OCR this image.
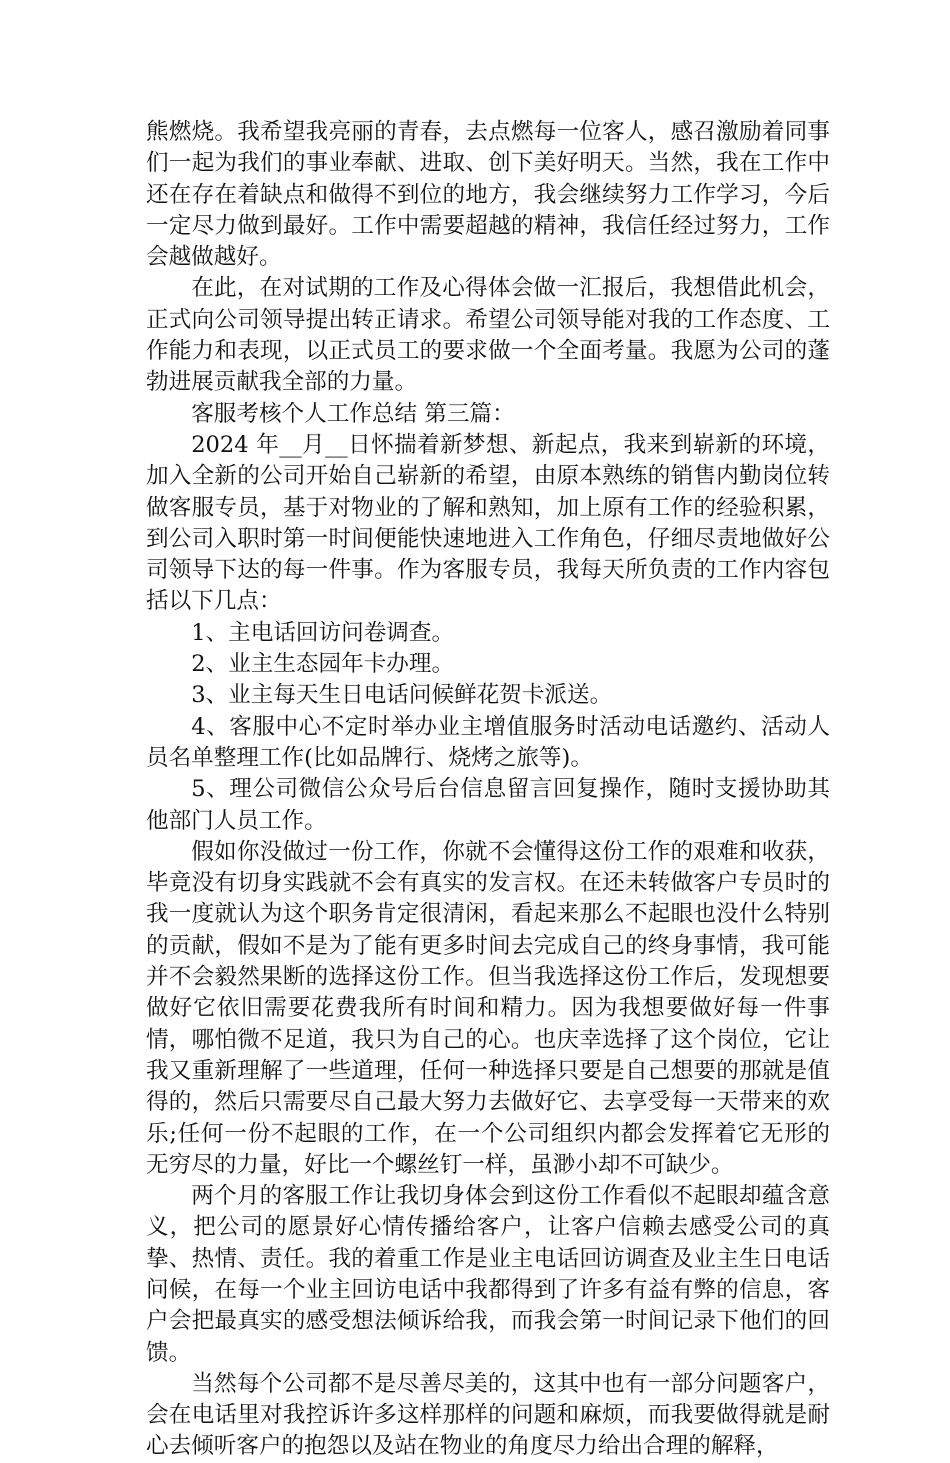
熊燃烧。我希望我亮丽的青春，去点燃每一位客人，感召激励着同事们一起为我们的事业奉献、进取、创下美好明天。当然，我在工作中还在存在着缺点和做得不到位的地方，我会继续努力工作学习，今后一定尽力做到最好。工作中需要超越的精神，我信任经过努力，工作会越做越好。

在此，在对试期的工作及心得体会做一汇报后，我想借此机会，正式向公司领导提出转正请求。希望公司领导能对我的工作态度、工作能力和表现，以正式员工的要求做一个全面考量。我愿为公司的蓬勃进展贡献我全部的力量。

客服考核个人工作总结 第三篇：

2024 年__月__日怀揣着新梦想、新起点，我来到崭新的环境，加入全新的公司开始自己崭新的希望，由原本熟练的销售内勤岗位转做客服专员，基于对物业的了解和熟知，加上原有工作的经验积累，到公司入职时第一时间便能快速地进入工作角色，仔细尽责地做好公司领导下达的每一件事。作为客服专员，我每天所负责的工作内容包括以下几点：

1、主电话回访问卷调查。

2、业主生态园年卡办理。

3、业主每天生日电话问候鲜花贺卡派送。

4、客服中心不定时举办业主增值服务时活动电话邀约、活动人员名单整理工作(比如品牌行、烧烤之旅等)。

5、理公司微信公众号后台信息留言回复操作，随时支援协助其他部门人员工作。

假如你没做过一份工作，你就不会懂得这份工作的艰难和收获，毕竟没有切身实践就不会有真实的发言权。在还未转做客户专员时的我一度就认为这个职务肯定很清闲，看起来那么不起眼也没什么特别的贡献，假如不是为了能有更多时间去完成自己的终身事情，我可能并不会毅然果断的选择这份工作。但当我选择这份工作后，发现想要做好它依旧需要花费我所有时间和精力。因为我想要做好每一件事情，哪怕微不足道，我只为自己的心。也庆幸选择了这个岗位，它让我又重新理解了一些道理，任何一种选择只要是自己想要的那就是值得的，然后只需要尽自己最大努力去做好它、去享受每一天带来的欢乐;任何一份不起眼的工作，在一个公司组织内都会发挥着它无形的无穷尽的力量，好比一个螺丝钉一样，虽渺小却不可缺少。

两个月的客服工作让我切身体会到这份工作看似不起眼却蕴含意义，把公司的愿景好心情传播给客户，让客户信赖去感受公司的真挚、热情、责任。我的着重工作是业主电话回访调查及业主生日电话问候，在每一个业主回访电话中我都得到了许多有益有弊的信息，客户会把最真实的感受想法倾诉给我，而我会第一时间记录下他们的回馈。

当然每个公司都不是尽善尽美的，这其中也有一部分问题客户，会在电话里对我控诉许多这样那样的问题和麻烦，而我要做得就是耐心去倾听客户的抱怨以及站在物业的角度尽力给出合理的解释，
